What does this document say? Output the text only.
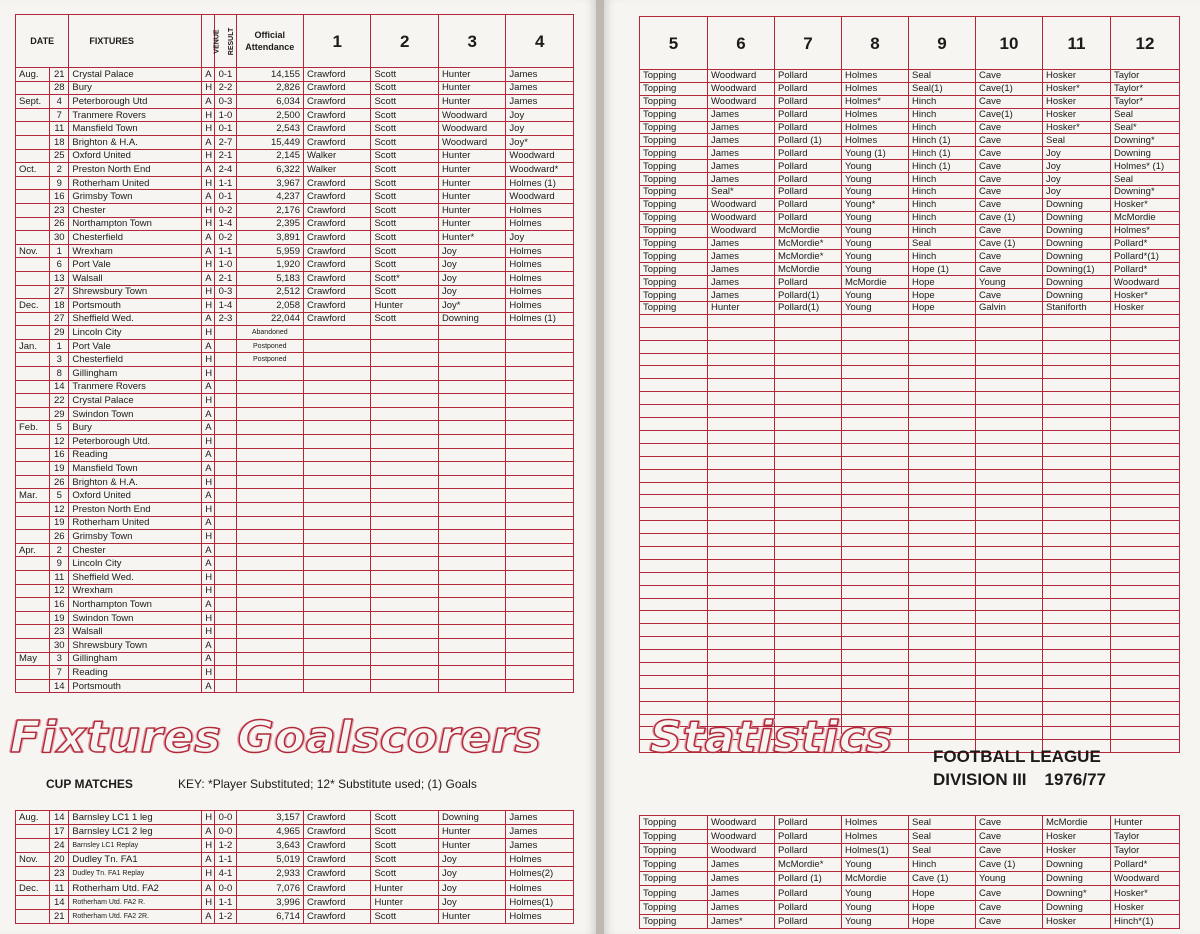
DATE		FIXTURES	VENUE	RESULT	Official
Attendance	1	2	3	4
Aug.	21	Crystal Palace	A	0-1	14,155	Crawford	Scott	Hunter	James
	28	Bury	H	2-2	2,826	Crawford	Scott	Hunter	James
Sept.	4	Peterborough Utd	A	0-3	6,034	Crawford	Scott	Hunter	James
	7	Tranmere Rovers	H	1-0	2,500	Crawford	Scott	Woodward	Joy
	11	Mansfield Town	H	0-1	2,543	Crawford	Scott	Woodward	Joy
	18	Brighton & H.A.	A	2-7	15,449	Crawford	Scott	Woodward	Joy*
	25	Oxford United	H	2-1	2,145	Walker	Scott	Hunter	Woodward
Oct.	2	Preston North End	A	2-4	6,322	Walker	Scott	Hunter	Woodward*
	9	Rotherham United	H	1-1	3,967	Crawford	Scott	Hunter	Holmes (1)
	16	Grimsby Town	A	0-1	4,237	Crawford	Scott	Hunter	Woodward
	23	Chester	H	0-2	2,176	Crawford	Scott	Hunter	Holmes
	26	Northampton Town	H	1-4	2,395	Crawford	Scott	Hunter	Holmes
	30	Chesterfield	A	0-2	3,891	Crawford	Scott	Hunter*	Joy
Nov.	1	Wrexham	A	1-1	5,959	Crawford	Scott	Joy	Holmes
	6	Port Vale	H	1-0	1,920	Crawford	Scott	Joy	Holmes
	13	Walsall	A	2-1	5,183	Crawford	Scott*	Joy	Holmes
	27	Shrewsbury Town	H	0-3	2,512	Crawford	Scott	Joy	Holmes
Dec.	18	Portsmouth	H	1-4	2,058	Crawford	Hunter	Joy*	Holmes
	27	Sheffield Wed.	A	2-3	22,044	Crawford	Scott	Downing	Holmes (1)
	29	Lincoln City	H		Abandoned				
Jan.	1	Port Vale	A		Postponed				
	3	Chesterfield	H		Postponed				
	8	Gillingham	H						
	14	Tranmere Rovers	A						
	22	Crystal Palace	H						
	29	Swindon Town	A						
Feb.	5	Bury	A						
	12	Peterborough Utd.	H						
	16	Reading	A						
	19	Mansfield Town	A						
	26	Brighton & H.A.	H						
Mar.	5	Oxford United	A						
	12	Preston North End	H						
	19	Rotherham United	A						
	26	Grimsby Town	H						
Apr.	2	Chester	A						
	9	Lincoln City	A						
	11	Sheffield Wed.	H						
	12	Wrexham	H						
	16	Northampton Town	A						
	19	Swindon Town	H						
	23	Walsall	H						
	30	Shrewsbury Town	A						
May	3	Gillingham	A						
	7	Reading	H						
	14	Portsmouth	A						
Fixtures Goalscorers
CUP MATCHES	KEY: *Player Substituted; 12* Substitute used; (1) Goals
Aug.	14	Barnsley LC1 1 leg	H	0-0	3,157	Crawford	Scott	Downing	James
	17	Barnsley LC1 2 leg	A	0-0	4,965	Crawford	Scott	Hunter	James
	24	Barnsley LC1 Replay	H	1-2	3,643	Crawford	Scott	Hunter	James
Nov.	20	Dudley Tn. FA1	A	1-1	5,019	Crawford	Scott	Joy	Holmes
	23	Dudley Tn. FA1 Replay	H	4-1	2,933	Crawford	Scott	Joy	Holmes(2)
Dec.	11	Rotherham Utd. FA2	A	0-0	7,076	Crawford	Hunter	Joy	Holmes
	14	Rotherham Utd. FA2 R.	H	1-1	3,996	Crawford	Hunter	Joy	Holmes(1)
	21	Rotherham Utd. FA2 2R.	A	1-2	6,714	Crawford	Scott	Hunter	Holmes
5	6	7	8	9	10	11	12
Topping	Woodward	Pollard	Holmes	Seal	Cave	Hosker	Taylor
Topping	Woodward	Pollard	Holmes	Seal(1)	Cave(1)	Hosker*	Taylor*
Topping	Woodward	Pollard	Holmes*	Hinch	Cave	Hosker	Taylor*
Topping	James	Pollard	Holmes	Hinch	Cave(1)	Hosker	Seal
Topping	James	Pollard	Holmes	Hinch	Cave	Hosker*	Seal*
Topping	James	Pollard (1)	Holmes	Hinch (1)	Cave	Seal	Downing*
Topping	James	Pollard	Young (1)	Hinch (1)	Cave	Joy	Downing
Topping	James	Pollard	Young	Hinch (1)	Cave	Joy	Holmes* (1)
Topping	James	Pollard	Young	Hinch	Cave	Joy	Seal
Topping	Seal*	Pollard	Young	Hinch	Cave	Joy	Downing*
Topping	Woodward	Pollard	Young*	Hinch	Cave	Downing	Hosker*
Topping	Woodward	Pollard	Young	Hinch	Cave (1)	Downing	McMordie
Topping	Woodward	McMordie	Young	Hinch	Cave	Downing	Holmes*
Topping	James	McMordie*	Young	Seal	Cave (1)	Downing	Pollard*
Topping	James	McMordie*	Young	Hinch	Cave	Downing	Pollard*(1)
Topping	James	McMordie	Young	Hope (1)	Cave	Downing(1)	Pollard*
Topping	James	Pollard	McMordie	Hope	Young	Downing	Woodward
Topping	James	Pollard(1)	Young	Hope	Cave	Downing	Hosker*
Topping	Hunter	Pollard(1)	Young	Hope	Galvin	Staniforth	Hosker

Statistics FOOTBALL LEAGUE
DIVISION III 1976/77
Topping	Woodward	Pollard	Holmes	Seal	Cave	McMordie	Hunter
Topping	Woodward	Pollard	Holmes	Seal	Cave	Hosker	Taylor
Topping	Woodward	Pollard	Holmes(1)	Seal	Cave	Hosker	Taylor
Topping	James	McMordie*	Young	Hinch	Cave (1)	Downing	Pollard*
Topping	James	Pollard (1)	McMordie	Cave (1)	Young	Downing	Woodward
Topping	James	Pollard	Young	Hope	Cave	Downing*	Hosker*
Topping	James	Pollard	Young	Hope	Cave	Downing	Hosker
Topping	James*	Pollard	Young	Hope	Cave	Hosker	Hinch*(1)
